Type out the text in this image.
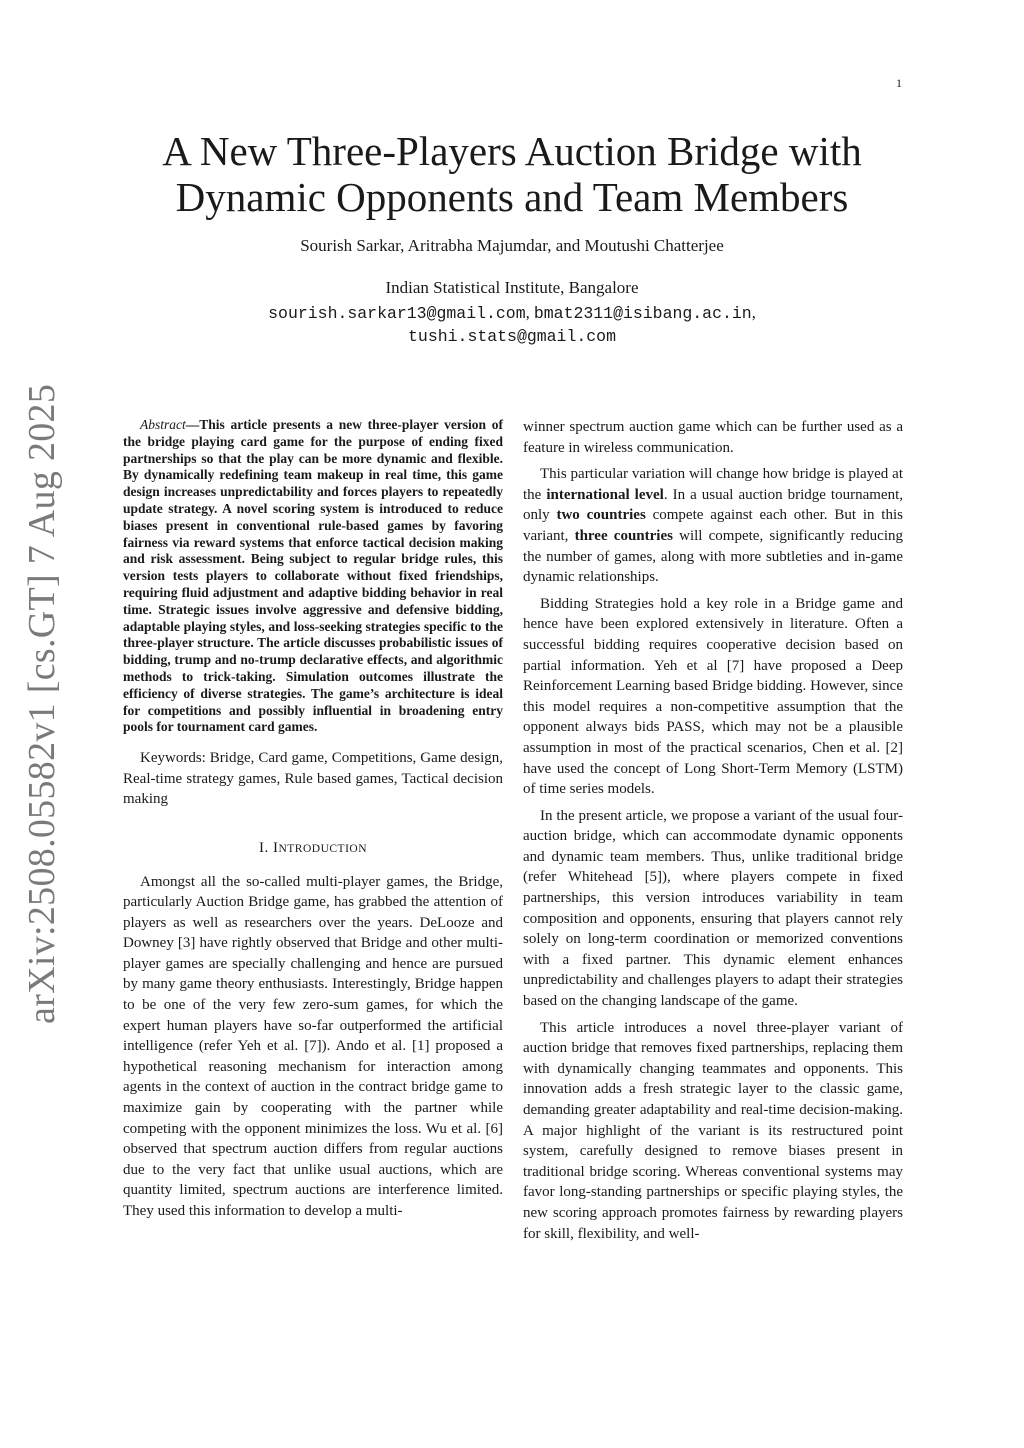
1
arXiv:2508.05582v1 [cs.GT] 7 Aug 2025
A New Three-Players Auction Bridge with
Dynamic Opponents and Team Members
Sourish Sarkar, Aritrabha Majumdar, and Moutushi Chatterjee
Indian Statistical Institute, Bangalore
sourish.sarkar13@gmail.com, bmat2311@isibang.ac.in,
tushi.stats@gmail.com

Abstract—This article presents a new three-player version of the bridge playing card game for the purpose of ending fixed partnerships so that the play can be more dynamic and flexible. By dynamically redefining team makeup in real time, this game design increases unpredictability and forces players to repeatedly update strategy. A novel scoring system is introduced to reduce biases present in conventional rule-based games by favoring fairness via reward systems that enforce tactical decision making and risk assessment. Being subject to regular bridge rules, this version tests players to collaborate without fixed friendships, requiring fluid adjustment and adaptive bidding behavior in real time. Strategic issues involve aggressive and defensive bidding, adaptable playing styles, and loss-seeking strategies specific to the three-player structure. The article discusses probabilistic issues of bidding, trump and no-trump declarative effects, and algorithmic methods to trick-taking. Simulation outcomes illustrate the efficiency of diverse strategies. The game’s architecture is ideal for competitions and possibly influential in broadening entry pools for tournament card games.

Keywords: Bridge, Card game, Competitions, Game design, Real-time strategy games, Rule based games, Tactical decision making

I. INTRODUCTION

Amongst all the so-called multi-player games, the Bridge, particularly Auction Bridge game, has grabbed the attention of players as well as researchers over the years. DeLooze and Downey [3] have rightly observed that Bridge and other multi-player games are specially challenging and hence are pursued by many game theory enthusiasts. Interestingly, Bridge happen to be one of the very few zero-sum games, for which the expert human players have so-far outperformed the artificial intelligence (refer Yeh et al. [7]). Ando et al. [1] proposed a hypothetical reasoning mechanism for interaction among agents in the context of auction in the contract bridge game to maximize gain by cooperating with the partner while competing with the opponent minimizes the loss. Wu et al. [6] observed that spectrum auction differs from regular auctions due to the very fact that unlike usual auctions, which are quantity limited, spectrum auctions are interference limited. They used this information to develop a multi-

winner spectrum auction game which can be further used as a feature in wireless communication.

This particular variation will change how bridge is played at the international level. In a usual auction bridge tournament, only two countries compete against each other. But in this variant, three countries will compete, significantly reducing the number of games, along with more subtleties and in-game dynamic relationships.

Bidding Strategies hold a key role in a Bridge game and hence have been explored extensively in literature. Often a successful bidding requires cooperative decision based on partial information. Yeh et al [7] have proposed a Deep Reinforcement Learning based Bridge bidding. However, since this model requires a non-competitive assumption that the opponent always bids PASS, which may not be a plausible assumption in most of the practical scenarios, Chen et al. [2] have used the concept of Long Short-Term Memory (LSTM) of time series models.

In the present article, we propose a variant of the usual four-auction bridge, which can accommodate dynamic opponents and dynamic team members. Thus, unlike traditional bridge (refer Whitehead [5]), where players compete in fixed partnerships, this version introduces variability in team composition and opponents, ensuring that players cannot rely solely on long-term coordination or memorized conventions with a fixed partner. This dynamic element enhances unpredictability and challenges players to adapt their strategies based on the changing landscape of the game.

This article introduces a novel three-player variant of auction bridge that removes fixed partnerships, replacing them with dynamically changing teammates and opponents. This innovation adds a fresh strategic layer to the classic game, demanding greater adaptability and real-time decision-making. A major highlight of the variant is its restructured point system, carefully designed to remove biases present in traditional bridge scoring. Whereas conventional systems may favor long-standing partnerships or specific playing styles, the new scoring approach promotes fairness by rewarding players for skill, flexibility, and well-
